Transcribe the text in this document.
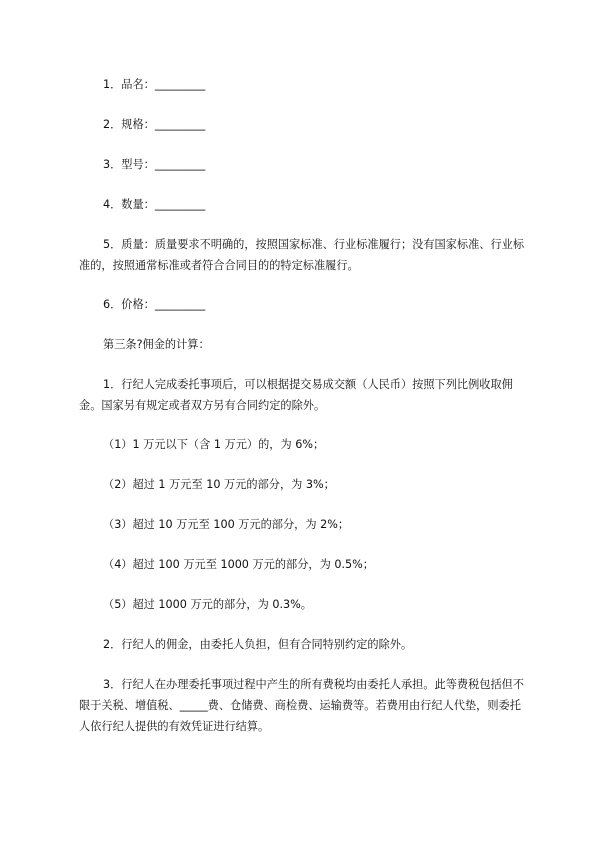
1．品名：_________

2．规格：_________

3．型号：_________

4．数量：_________

5．质量：质量要求不明确的，按照国家标准、行业标准履行；没有国家标准、行业标准的，按照通常标准或者符合合同目的的特定标准履行。

6．价格：_________

第三条?佣金的计算：

1．行纪人完成委托事项后，可以根据提交易成交额（人民币）按照下列比例收取佣金。国家另有规定或者双方另有合同约定的除外。

（1）1 万元以下（含 1 万元）的，为 6%；

（2）超过 1 万元至 10 万元的部分，为 3%；

（3）超过 10 万元至 100 万元的部分，为 2%；

（4）超过 100 万元至 1000 万元的部分，为 0.5%；

（5）超过 1000 万元的部分，为 0.3%。

2．行纪人的佣金，由委托人负担，但有合同特别约定的除外。

3．行纪人在办理委托事项过程中产生的所有费税均由委托人承担。此等费税包括但不限于关税、增值税、_____费、仓储费、商检费、运输费等。若费用由行纪人代垫，则委托人依行纪人提供的有效凭证进行结算。
